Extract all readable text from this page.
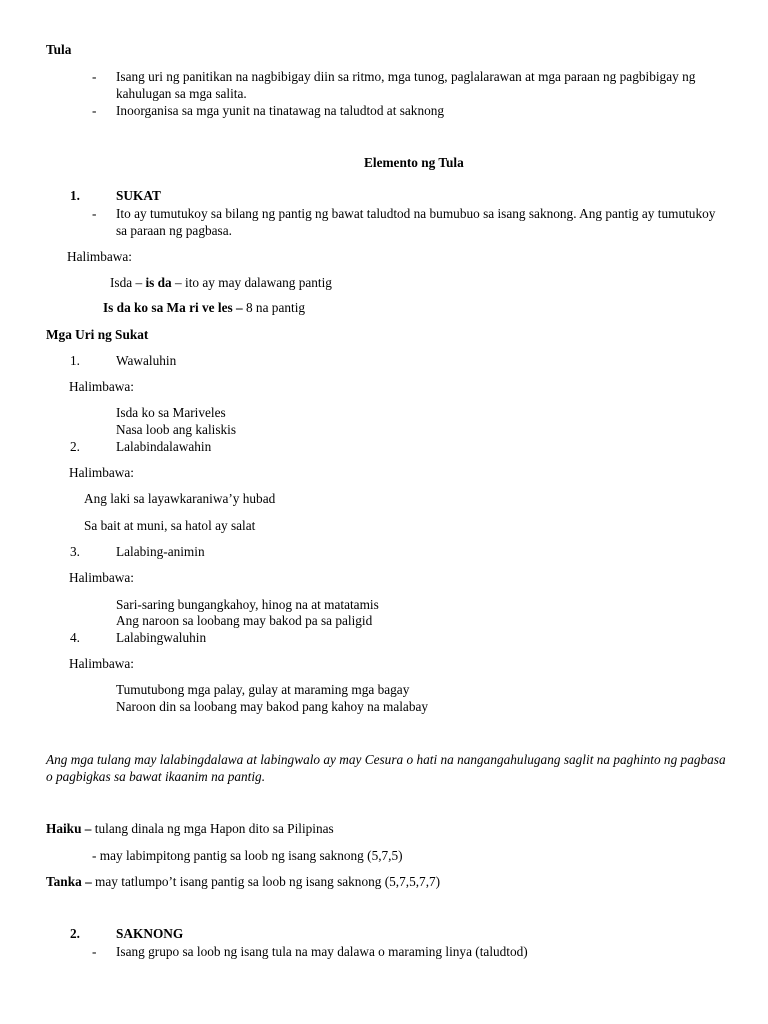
Tula
- Isang uri ng panitikan na nagbibigay diin sa ritmo, mga tunog, paglalarawan at mga paraan ng pagbibigay ng kahulugan sa mga salita.
- Inoorganisa sa mga yunit na tinatawag na taludtod at saknong
Elemento ng Tula
1.	SUKAT
- Ito ay tumutukoy sa bilang ng pantig ng bawat taludtod na bumubuo sa isang saknong. Ang pantig ay tumutukoy sa paraan ng pagbasa.
Halimbawa:
Isda – is da – ito ay may dalawang pantig
Is da ko sa Ma ri ve les – 8 na pantig
Mga Uri ng Sukat
1.	Wawaluhin
Halimbawa:
Isda ko sa Mariveles
Nasa loob ang kaliskis
2.	Lalabindalawahin
Halimbawa:
Ang laki sa layawkaraniwa’y hubad
Sa bait at muni, sa hatol ay salat
3.	Lalabing-animin
Halimbawa:
Sari-saring bungangkahoy, hinog na at matatamis
Ang naroon sa loobang may bakod pa sa paligid
4.	Lalabingwaluhin
Halimbawa:
Tumutubong mga palay, gulay at maraming mga bagay
Naroon din sa loobang may bakod pang kahoy na malabay
Ang mga tulang may lalabingdalawa at labingwalo ay may Cesura o hati na nangangahulugang saglit na paghinto ng pagbasa o pagbigkas sa bawat ikaanim na pantig.
Haiku – tulang dinala ng mga Hapon dito sa Pilipinas
- may labimpitong pantig sa loob ng isang saknong (5,7,5)
Tanka – may tatlumpo’t isang pantig sa loob ng isang saknong (5,7,5,7,7)
2.	SAKNONG
- Isang grupo sa loob ng isang tula na may dalawa o maraming linya (taludtod)
